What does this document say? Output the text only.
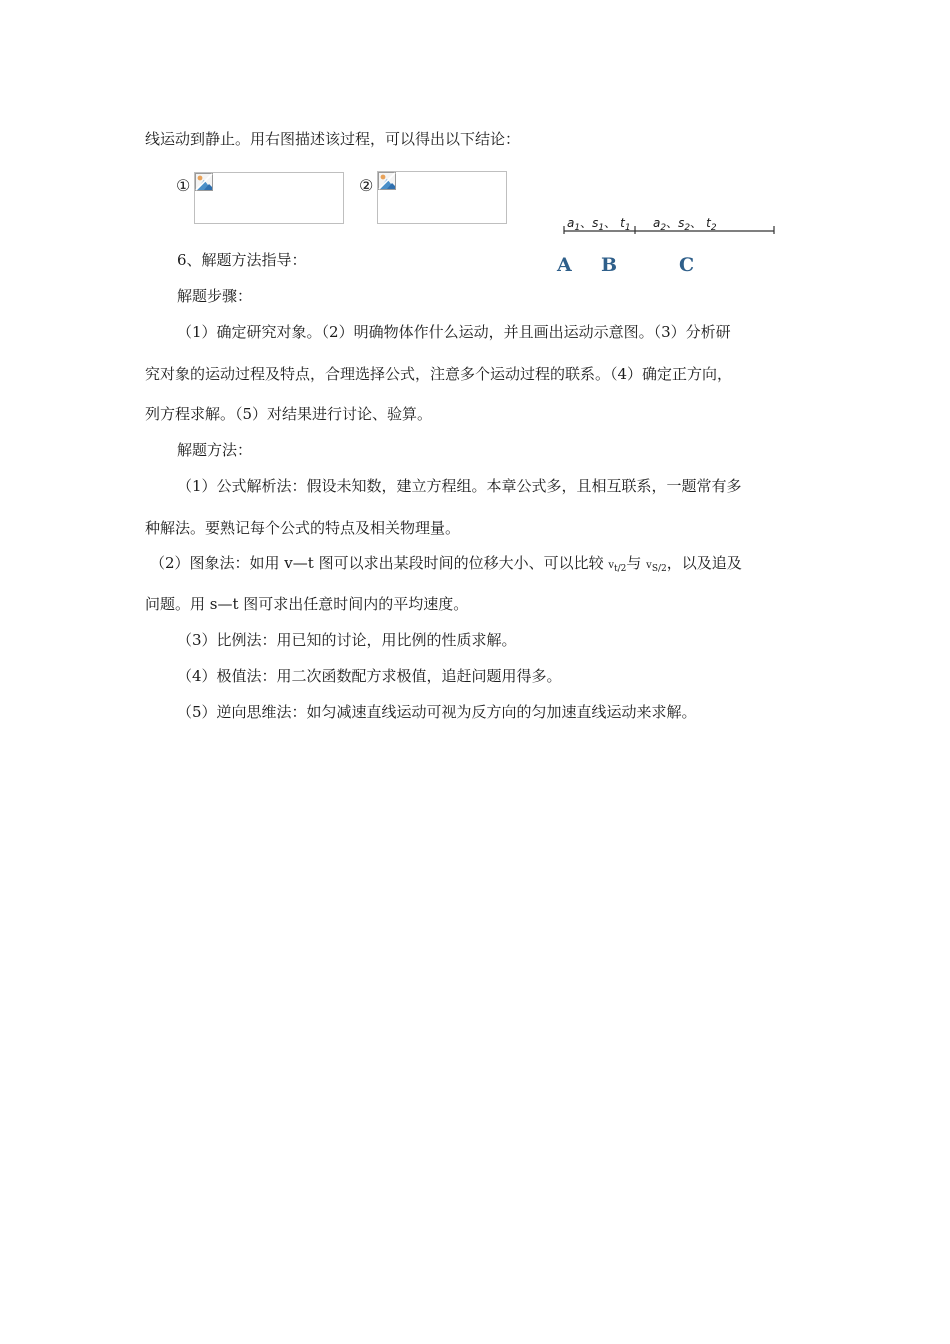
线运动到静止。用右图描述该过程，可以得出以下结论：
①	②
$a_1$、$s_1$、 $t_1$ $a_2$、$s_2$、 $t_2$
A B	C
6、解题方法指导：
解题步骤：
（1）确定研究对象。（2）明确物体作什么运动，并且画出运动示意图。（3）分析研
究对象的运动过程及特点，合理选择公式，注意多个运动过程的联系。（4）确定正方向，
列方程求解。（5）对结果进行讨论、验算。
解题方法：
（1）公式解析法：假设未知数，建立方程组。本章公式多，且相互联系，一题常有多
种解法。要熟记每个公式的特点及相关物理量。
（2）图象法：如用 v—t 图可以求出某段时间的位移大小、可以比较 $v_{t/2}$与 $v_{S/2}$，以及追及
问题。用 s—t 图可求出任意时间内的平均速度。
（3）比例法：用已知的讨论，用比例的性质求解。
（4）极值法：用二次函数配方求极值，追赶问题用得多。
（5）逆向思维法：如匀减速直线运动可视为反方向的匀加速直线运动来求解。
